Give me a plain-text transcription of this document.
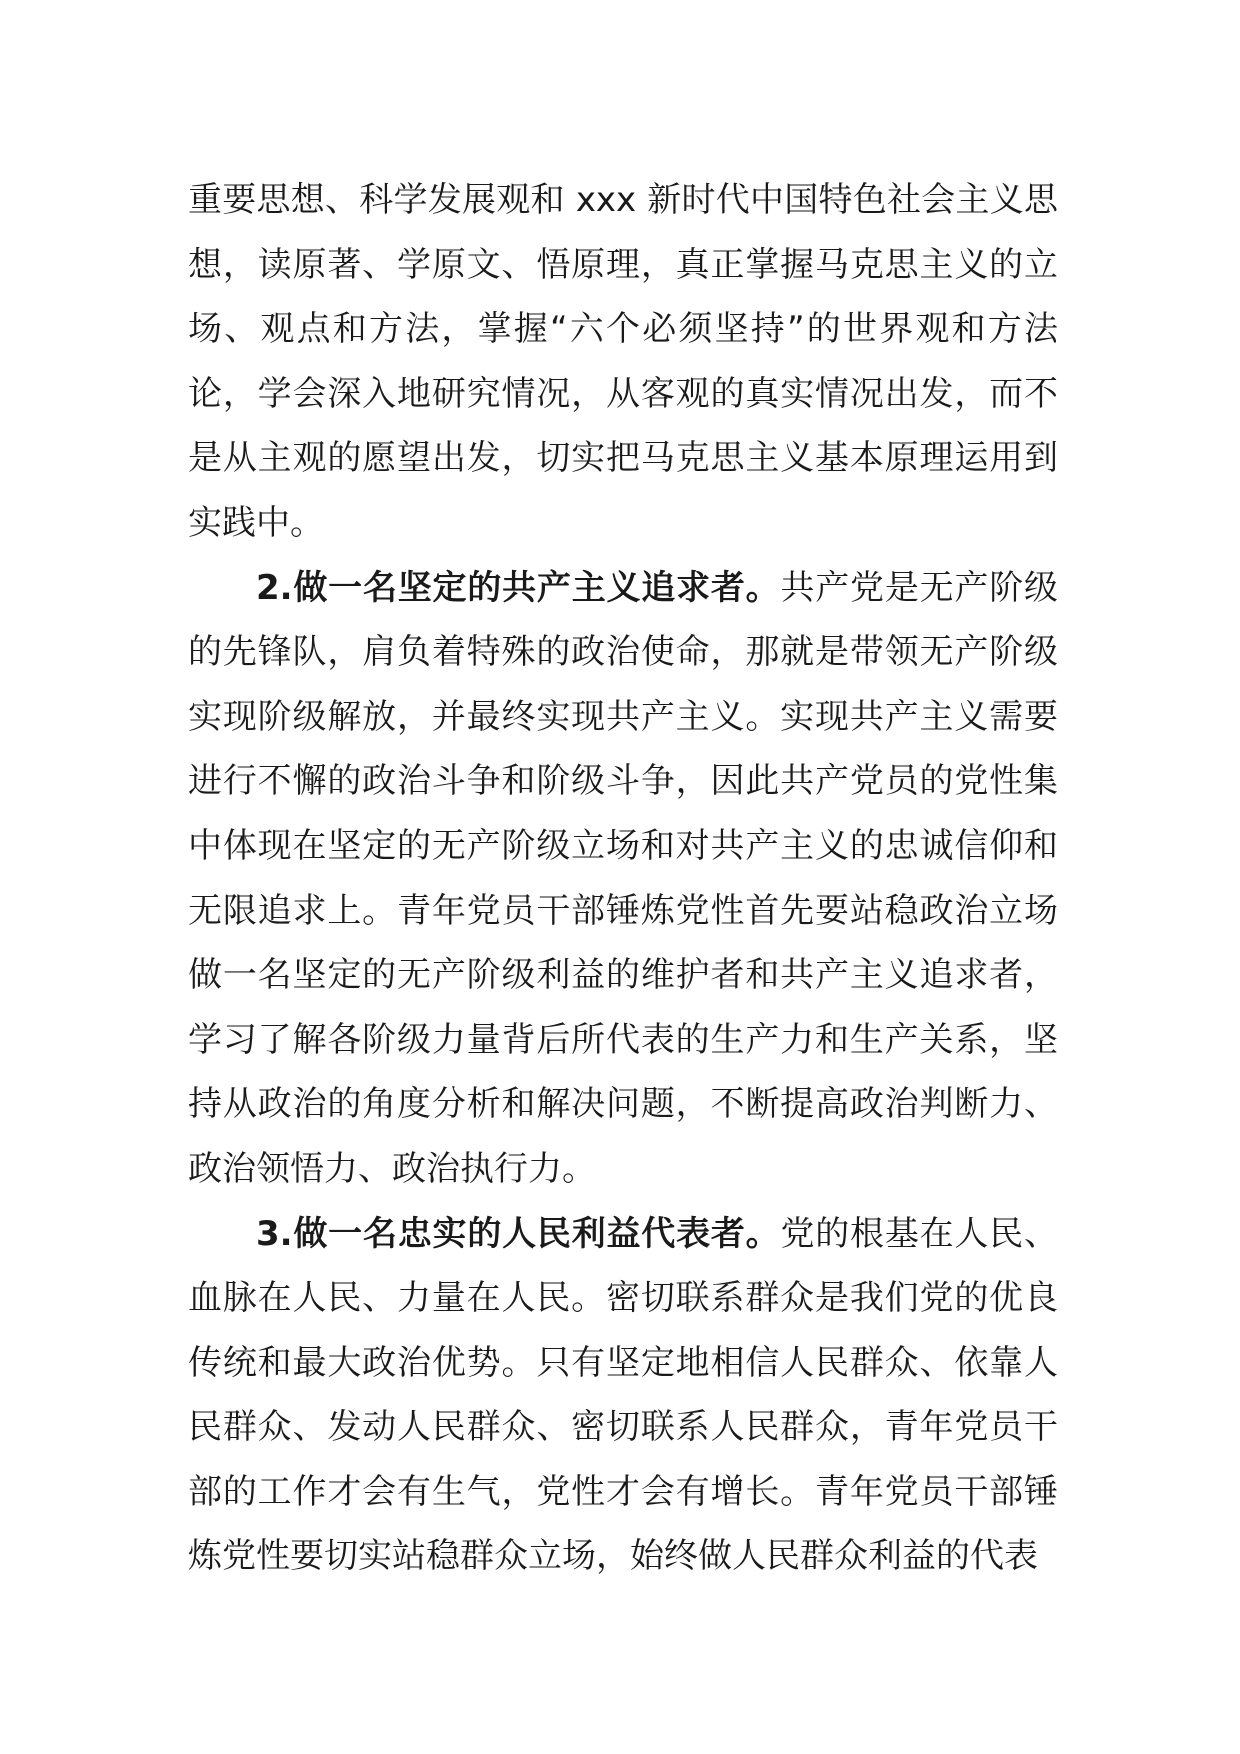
重要思想、科学发展观和 xxx 新时代中国特色社会主义思想，读原著、学原文、悟原理，真正掌握马克思主义的立场、观点和方法，掌握“六个必须坚持”的世界观和方法论，学会深入地研究情况，从客观的真实情况出发，而不是从主观的愿望出发，切实把马克思主义基本原理运用到实践中。

2.做一名坚定的共产主义追求者。共产党是无产阶级的先锋队，肩负着特殊的政治使命，那就是带领无产阶级实现阶级解放，并最终实现共产主义。实现共产主义需要进行不懈的政治斗争和阶级斗争，因此共产党员的党性集中体现在坚定的无产阶级立场和对共产主义的忠诚信仰和无限追求上。青年党员干部锤炼党性首先要站稳政治立场做一名坚定的无产阶级利益的维护者和共产主义追求者，学习了解各阶级力量背后所代表的生产力和生产关系，坚持从政治的角度分析和解决问题，不断提高政治判断力、政治领悟力、政治执行力。

3.做一名忠实的人民利益代表者。党的根基在人民、血脉在人民、力量在人民。密切联系群众是我们党的优良传统和最大政治优势。只有坚定地相信人民群众、依靠人民群众、发动人民群众、密切联系人民群众，青年党员干部的工作才会有生气，党性才会有增长。青年党员干部锤炼党性要切实站稳群众立场，始终做人民群众利益的代表
